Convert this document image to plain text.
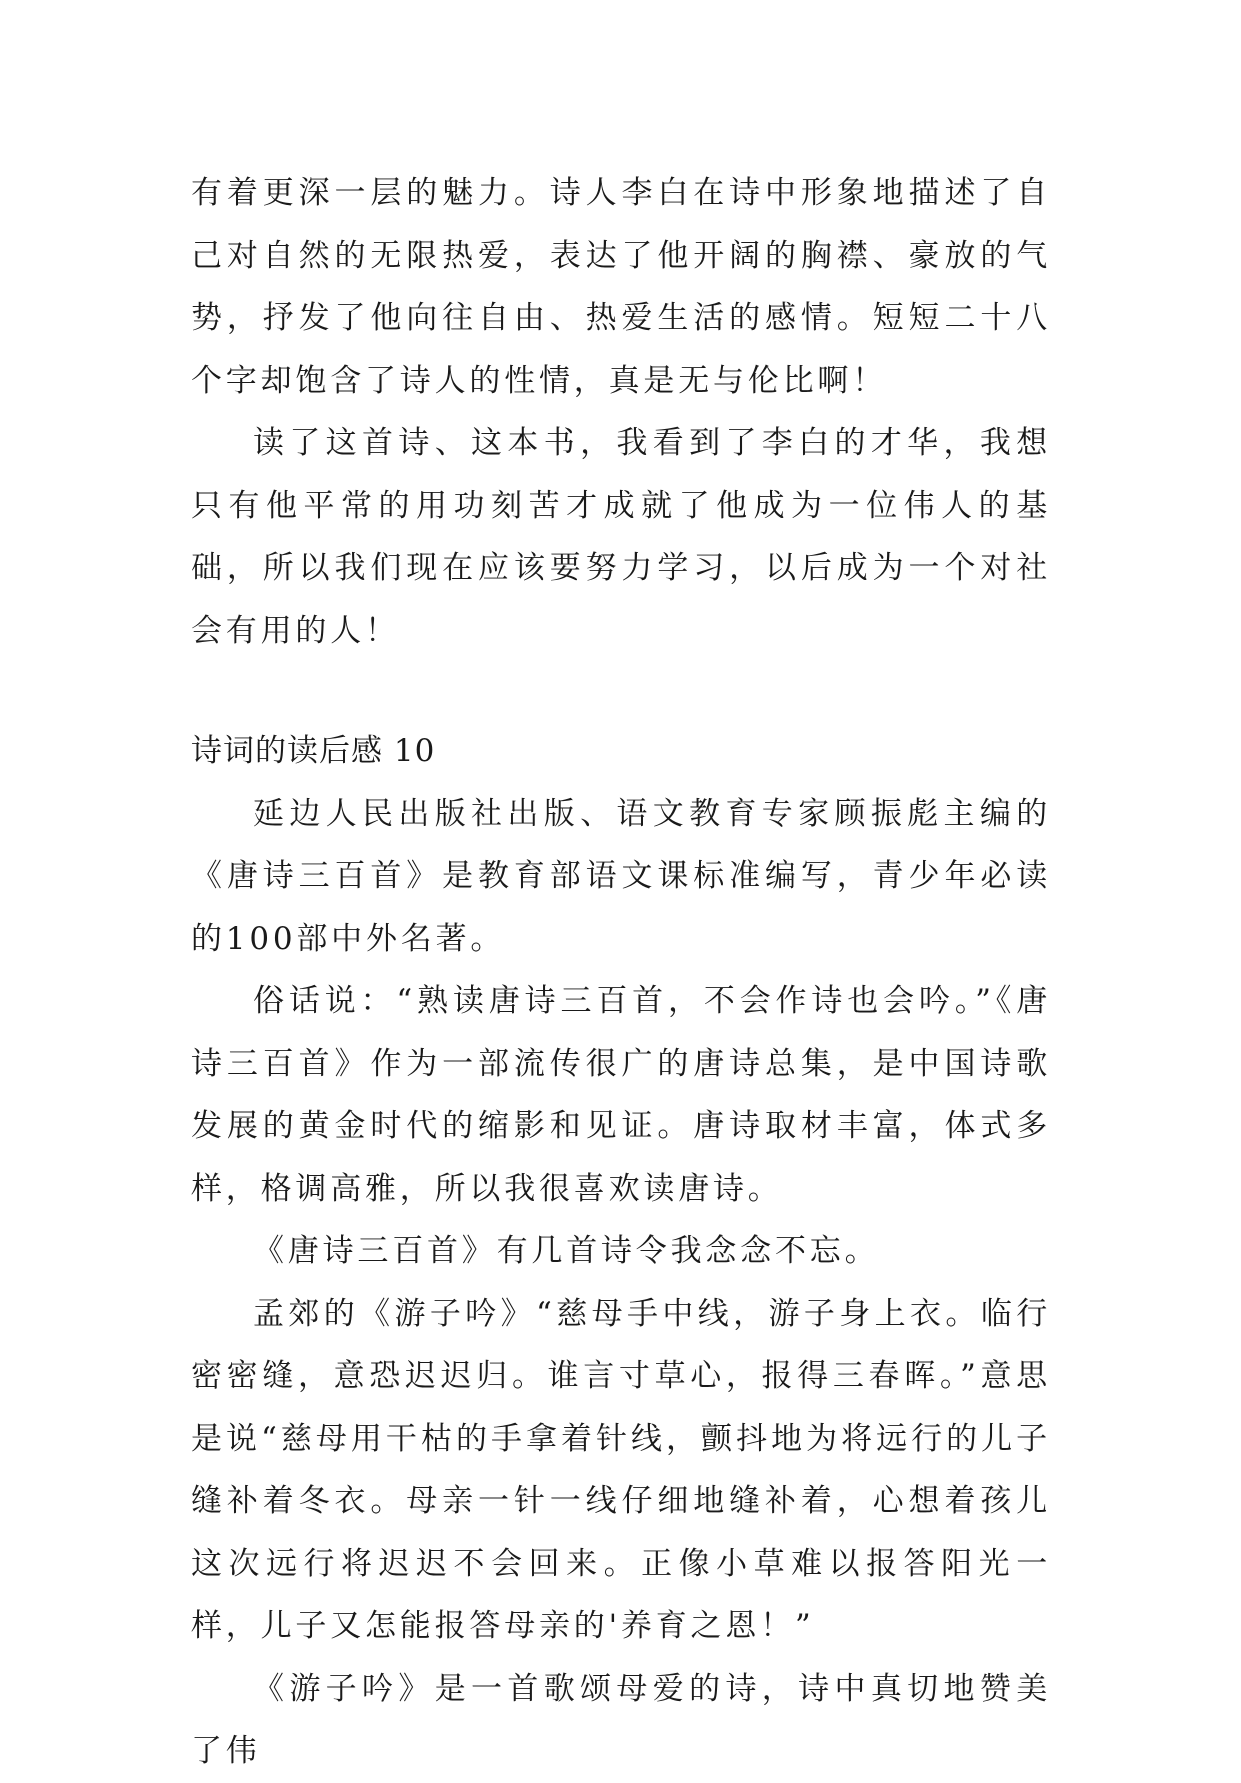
有着更深一层的魅力。诗人李白在诗中形象地描述了自己对自然的无限热爱，表达了他开阔的胸襟、豪放的气势，抒发了他向往自由、热爱生活的感情。短短二十八个字却饱含了诗人的性情，真是无与伦比啊！

读了这首诗、这本书，我看到了李白的才华，我想只有他平常的用功刻苦才成就了他成为一位伟人的基础，所以我们现在应该要努力学习，以后成为一个对社会有用的人！

诗词的读后感 10

延边人民出版社出版、语文教育专家顾振彪主编的《唐诗三百首》是教育部语文课标准编写，青少年必读的100部中外名著。

俗话说：“熟读唐诗三百首，不会作诗也会吟。”《唐诗三百首》作为一部流传很广的唐诗总集，是中国诗歌发展的黄金时代的缩影和见证。唐诗取材丰富，体式多样，格调高雅，所以我很喜欢读唐诗。

《唐诗三百首》有几首诗令我念念不忘。

孟郊的《游子吟》“慈母手中线，游子身上衣。临行密密缝，意恐迟迟归。谁言寸草心，报得三春晖。”意思是说“慈母用干枯的手拿着针线，颤抖地为将远行的儿子缝补着冬衣。母亲一针一线仔细地缝补着，心想着孩儿这次远行将迟迟不会回来。正像小草难以报答阳光一样，儿子又怎能报答母亲的'养育之恩！”

《游子吟》是一首歌颂母爱的诗，诗中真切地赞美了伟
